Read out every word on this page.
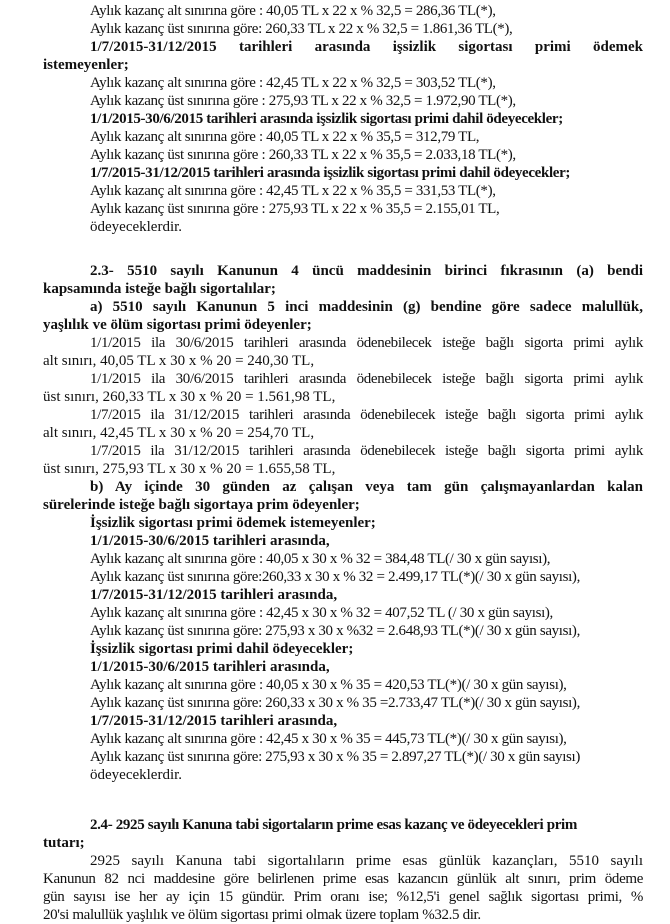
Aylık kazanç alt sınırına göre : 40,05 TL x 22 x % 32,5 = 286,36 TL(*),
Aylık kazanç üst sınırına göre: 260,33 TL x 22 x % 32,5 = 1.861,36 TL(*),
1/7/2015-31/12/2015 tarihleri arasında işsizlik sigortası primi ödemek
istemeyenler;
Aylık kazanç alt sınırına göre : 42,45 TL x 22 x % 32,5 = 303,52 TL(*),
Aylık kazanç üst sınırına göre : 275,93 TL x 22 x % 32,5 = 1.972,90 TL(*),
1/1/2015-30/6/2015 tarihleri arasında işsizlik sigortası primi dahil ödeyecekler;
Aylık kazanç alt sınırına göre : 40,05 TL x 22 x % 35,5 = 312,79 TL,
Aylık kazanç üst sınırına göre : 260,33 TL x 22 x % 35,5 = 2.033,18 TL(*),
1/7/2015-31/12/2015 tarihleri arasında işsizlik sigortası primi dahil ödeyecekler;
Aylık kazanç alt sınırına göre : 42,45 TL x 22 x % 35,5 = 331,53 TL(*),
Aylık kazanç üst sınırına göre : 275,93 TL x 22 x % 35,5 = 2.155,01 TL,
ödeyeceklerdir.
2.3- 5510 sayılı Kanunun 4 üncü maddesinin birinci fıkrasının (a) bendi
kapsamında isteğe bağlı sigortalılar;
a) 5510 sayılı Kanunun 5 inci maddesinin (g) bendine göre sadece malullük,
yaşlılık ve ölüm sigortası primi ödeyenler;
1/1/2015 ila 30/6/2015 tarihleri arasında ödenebilecek isteğe bağlı sigorta primi aylık
alt sınırı, 40,05 TL x 30 x % 20 = 240,30 TL,
1/1/2015 ila 30/6/2015 tarihleri arasında ödenebilecek isteğe bağlı sigorta primi aylık
üst sınırı, 260,33 TL x 30 x % 20 = 1.561,98 TL,
1/7/2015 ila 31/12/2015 tarihleri arasında ödenebilecek isteğe bağlı sigorta primi aylık
alt sınırı, 42,45 TL x 30 x % 20 = 254,70 TL,
1/7/2015 ila 31/12/2015 tarihleri arasında ödenebilecek isteğe bağlı sigorta primi aylık
üst sınırı, 275,93 TL x 30 x % 20 = 1.655,58 TL,
b) Ay içinde 30 günden az çalışan veya tam gün çalışmayanlardan kalan
sürelerinde isteğe bağlı sigortaya prim ödeyenler;
İşsizlik sigortası primi ödemek istemeyenler;
1/1/2015-30/6/2015 tarihleri arasında,
Aylık kazanç alt sınırına göre : 40,05 x 30 x % 32 = 384,48 TL(/ 30 x gün sayısı),
Aylık kazanç üst sınırına göre:260,33 x 30 x % 32 = 2.499,17 TL(*)(/ 30 x gün sayısı),
1/7/2015-31/12/2015 tarihleri arasında,
Aylık kazanç alt sınırına göre : 42,45 x 30 x % 32 = 407,52 TL (/ 30 x gün sayısı),
Aylık kazanç üst sınırına göre: 275,93 x 30 x %32 = 2.648,93 TL(*)(/ 30 x gün sayısı),
İşsizlik sigortası primi dahil ödeyecekler;
1/1/2015-30/6/2015 tarihleri arasında,
Aylık kazanç alt sınırına göre : 40,05 x 30 x % 35 = 420,53 TL(*)(/ 30 x gün sayısı),
Aylık kazanç üst sınırına göre: 260,33 x 30 x % 35 =2.733,47 TL(*)(/ 30 x gün sayısı),
1/7/2015-31/12/2015 tarihleri arasında,
Aylık kazanç alt sınırına göre : 42,45 x 30 x % 35 = 445,73 TL(*)(/ 30 x gün sayısı),
Aylık kazanç üst sınırına göre: 275,93 x 30 x % 35 = 2.897,27 TL(*)(/ 30 x gün sayısı)
ödeyeceklerdir.
2.4- 2925 sayılı Kanuna tabi sigortaların prime esas kazanç ve ödeyecekleri prim
tutarı;
2925 sayılı Kanuna tabi sigortalıların prime esas günlük kazançları, 5510 sayılı
Kanunun 82 nci maddesine göre belirlenen prime esas kazancın günlük alt sınırı, prim ödeme
gün sayısı ise her ay için 15 gündür. Prim oranı ise; %12,5'i genel sağlık sigortası primi, %
20'si malullük yaşlılık ve ölüm sigortası primi olmak üzere toplam %32.5 dir.
